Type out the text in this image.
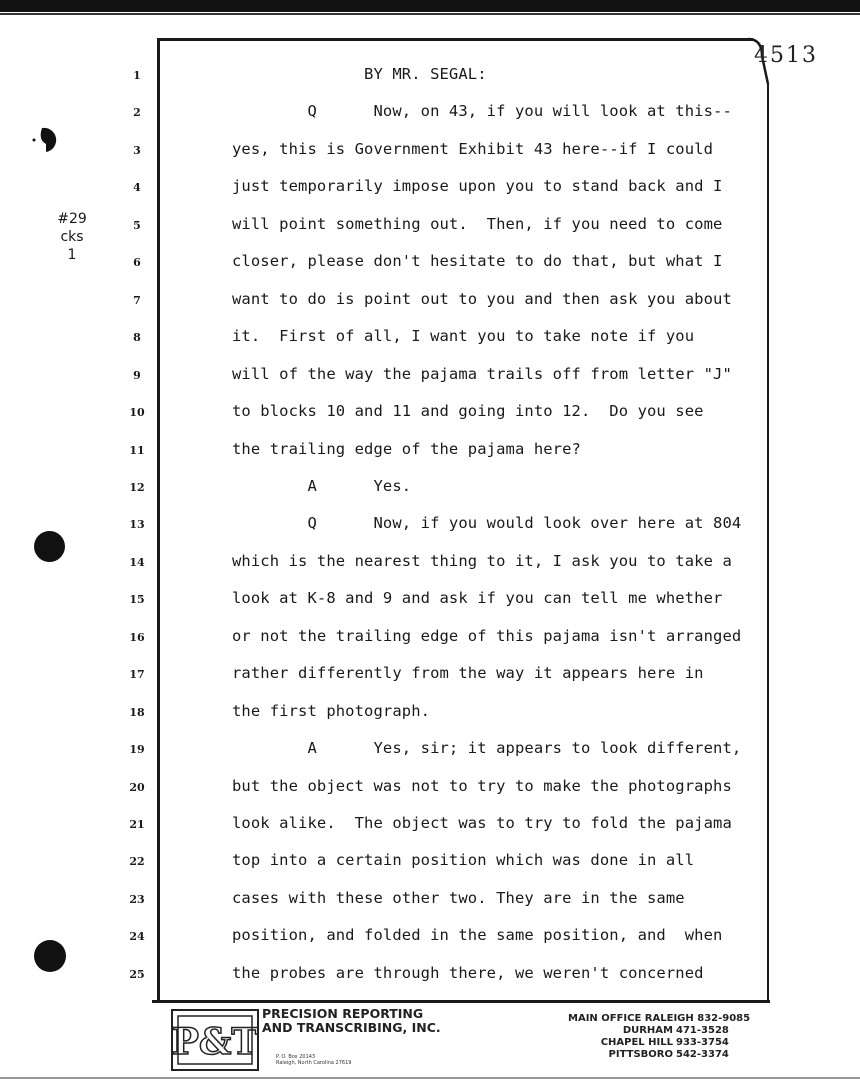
4513
#29
cks
1
1	BY MR. SEGAL:
2	Q      Now, on 43, if you will look at this--
3	yes, this is Government Exhibit 43 here--if I could
4	just temporarily impose upon you to stand back and I
5	will point something out.  Then, if you need to come
6	closer, please don't hesitate to do that, but what I
7	want to do is point out to you and then ask you about
8	it.  First of all, I want you to take note if you
9	will of the way the pajama trails off from letter "J"
10	to blocks 10 and 11 and going into 12.  Do you see
11	the trailing edge of the pajama here?
12	A      Yes.
13	Q      Now, if you would look over here at 804
14	which is the nearest thing to it, I ask you to take a
15	look at K-8 and 9 and ask if you can tell me whether
16	or not the trailing edge of this pajama isn't arranged
17	rather differently from the way it appears here in
18	the first photograph.
19	A      Yes, sir; it appears to look different,
20	but the object was not to try to make the photographs
21	look alike.  The object was to try to fold the pajama
22	top into a certain position which was done in all
23	cases with these other two. They are in the same
24	position, and folded in the same position, and  when
25	the probes are through there, we weren't concerned
P&T
PRECISION REPORTING
AND TRANSCRIBING, INC.
P. O. Box 20143
Raleigh, North Carolina 27619
MAIN OFFICE RALEIGH 832-9085
DURHAM 471-3528
CHAPEL HILL 933-3754
PITTSBORO 542-3374
